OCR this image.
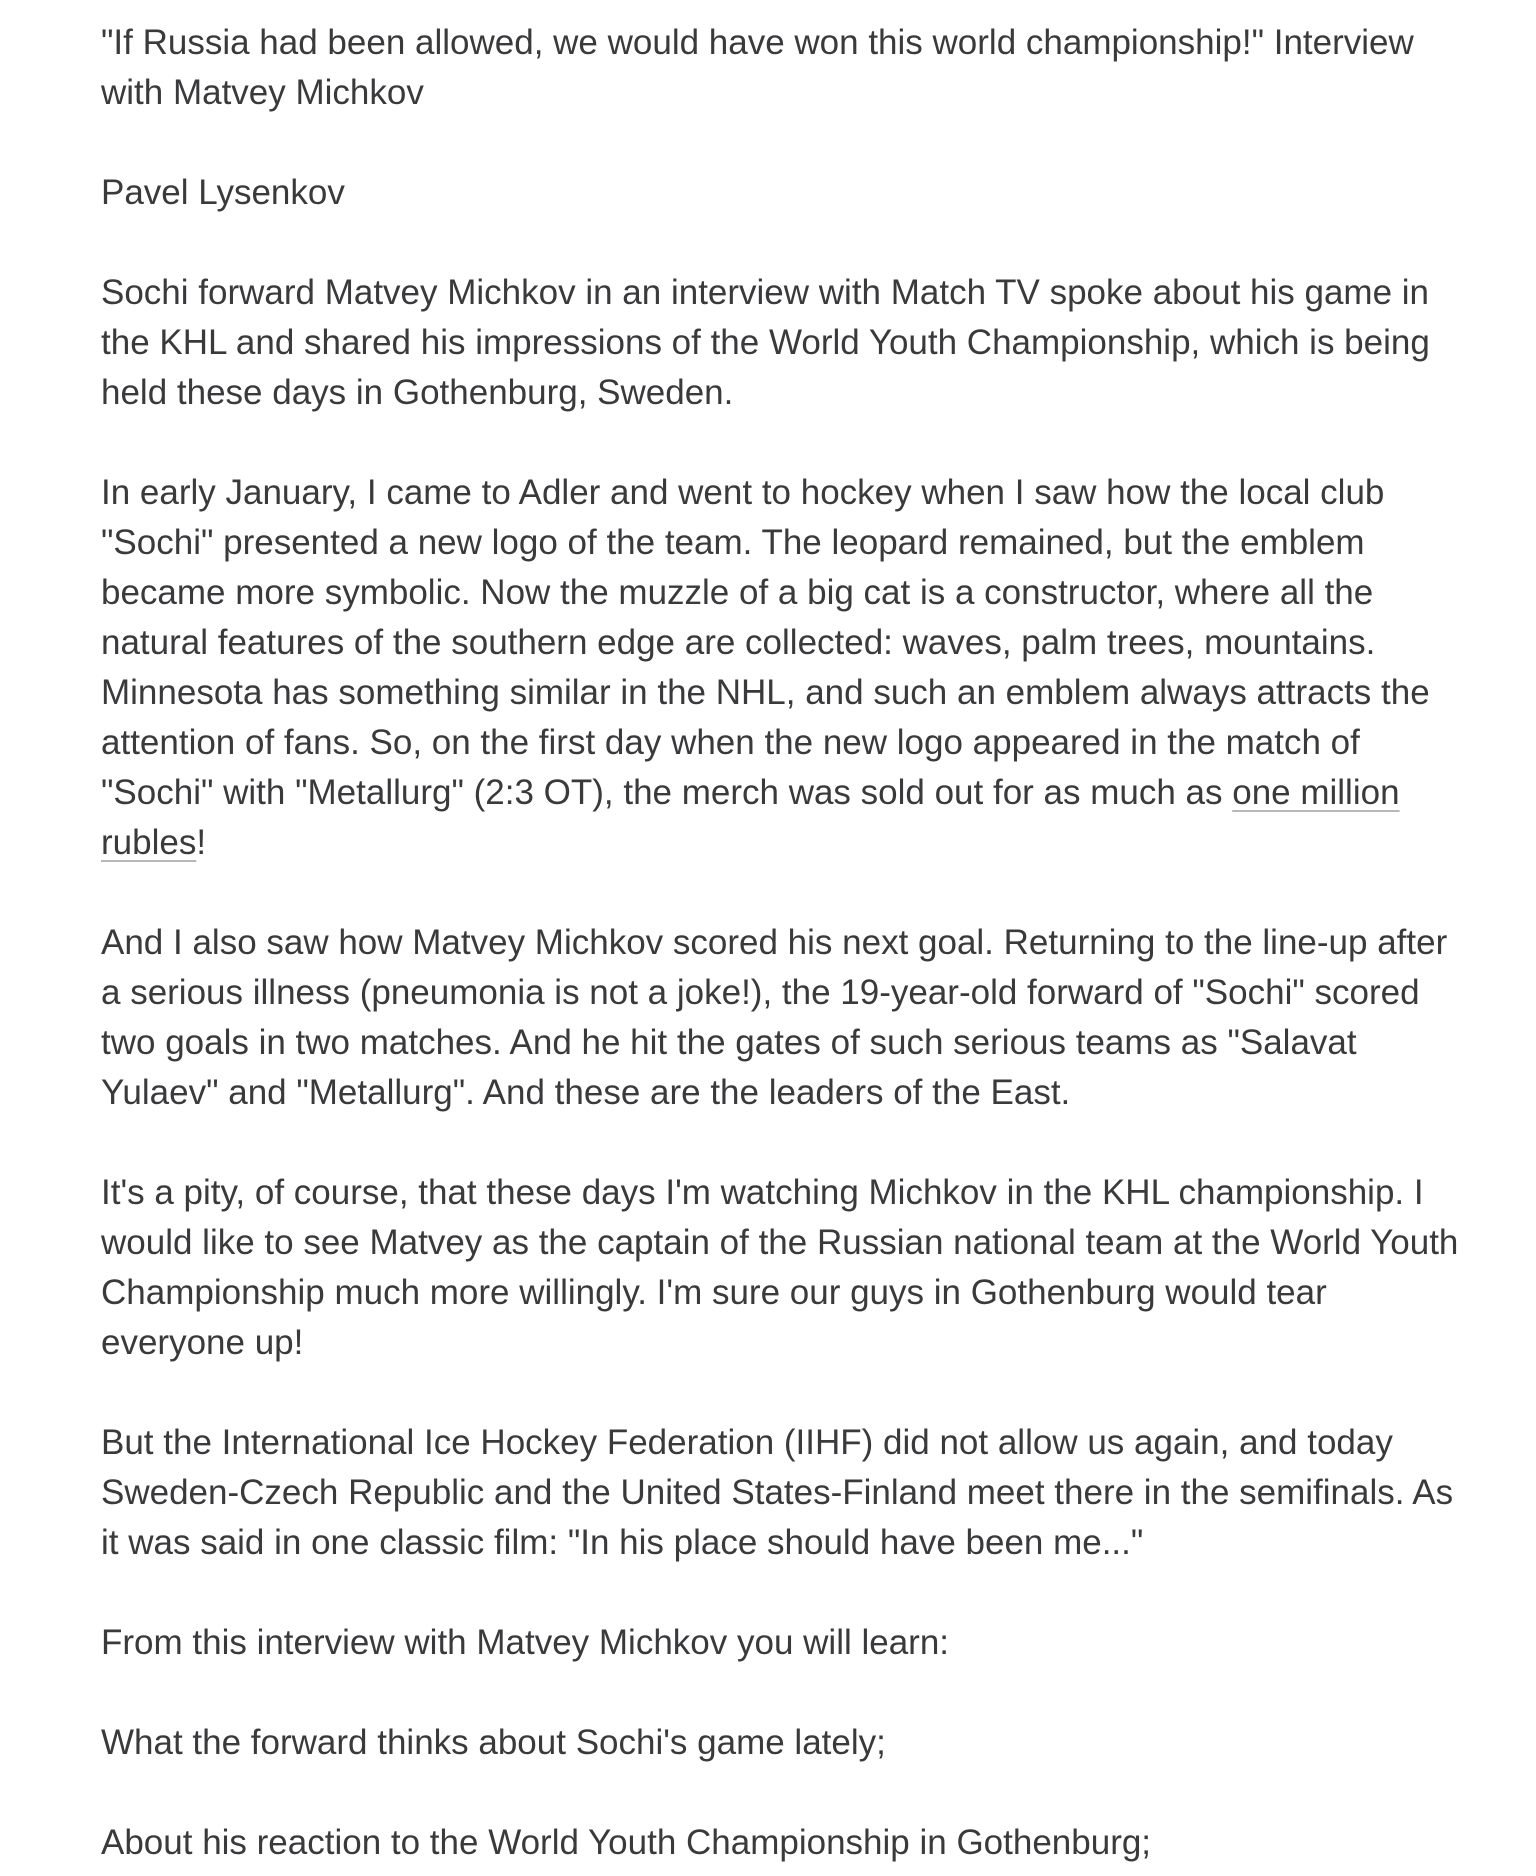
"If Russia had been allowed, we would have won this world championship!" Interview with Matvey Michkov

Pavel Lysenkov

Sochi forward Matvey Michkov in an interview with Match TV spoke about his game in the KHL and shared his impressions of the World Youth Championship, which is being held these days in Gothenburg, Sweden.

In early January, I came to Adler and went to hockey when I saw how the local club "Sochi" presented a new logo of the team. The leopard remained, but the emblem became more symbolic. Now the muzzle of a big cat is a constructor, where all the natural features of the southern edge are collected: waves, palm trees, mountains. Minnesota has something similar in the NHL, and such an emblem always attracts the attention of fans. So, on the first day when the new logo appeared in the match of "Sochi" with "Metallurg" (2:3 OT), the merch was sold out for as much as one million rubles!

And I also saw how Matvey Michkov scored his next goal. Returning to the line-up after a serious illness (pneumonia is not a joke!), the 19-year-old forward of "Sochi" scored two goals in two matches. And he hit the gates of such serious teams as "Salavat Yulaev" and "Metallurg". And these are the leaders of the East.

It's a pity, of course, that these days I'm watching Michkov in the KHL championship. I would like to see Matvey as the captain of the Russian national team at the World Youth Championship much more willingly. I'm sure our guys in Gothenburg would tear everyone up!

But the International Ice Hockey Federation (IIHF) did not allow us again, and today Sweden-Czech Republic and the United States-Finland meet there in the semifinals. As it was said in one classic film: "In his place should have been me..."

From this interview with Matvey Michkov you will learn:

What the forward thinks about Sochi's game lately;

About his reaction to the World Youth Championship in Gothenburg;
